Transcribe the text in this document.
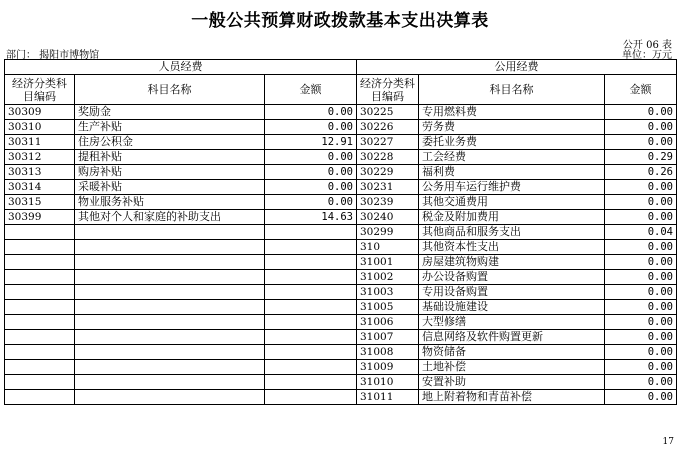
一般公共预算财政拨款基本支出决算表
公开 06 表
部门： 揭阳市博物馆	单位：万元
人员经费			公用经费		
经济分类科目编码	科目名称	金额	经济分类科目编码	科目名称	金额
30309	奖励金	0.00	30225	专用燃料费	0.00
30310	生产补贴	0.00	30226	劳务费	0.00
30311	住房公积金	12.91	30227	委托业务费	0.00
30312	提租补贴	0.00	30228	工会经费	0.29
30313	购房补贴	0.00	30229	福利费	0.26
30314	采暖补贴	0.00	30231	公务用车运行维护费	0.00
30315	物业服务补贴	0.00	30239	其他交通费用	0.00
30399	其他对个人和家庭的补助支出	14.63	30240	税金及附加费用	0.00
			30299	其他商品和服务支出	0.04
			310	其他资本性支出	0.00
			31001	房屋建筑物购建	0.00
			31002	办公设备购置	0.00
			31003	专用设备购置	0.00
			31005	基础设施建设	0.00
			31006	大型修缮	0.00
			31007	信息网络及软件购置更新	0.00
			31008	物资储备	0.00
			31009	土地补偿	0.00
			31010	安置补助	0.00
			31011	地上附着物和青苗补偿	0.00
17
